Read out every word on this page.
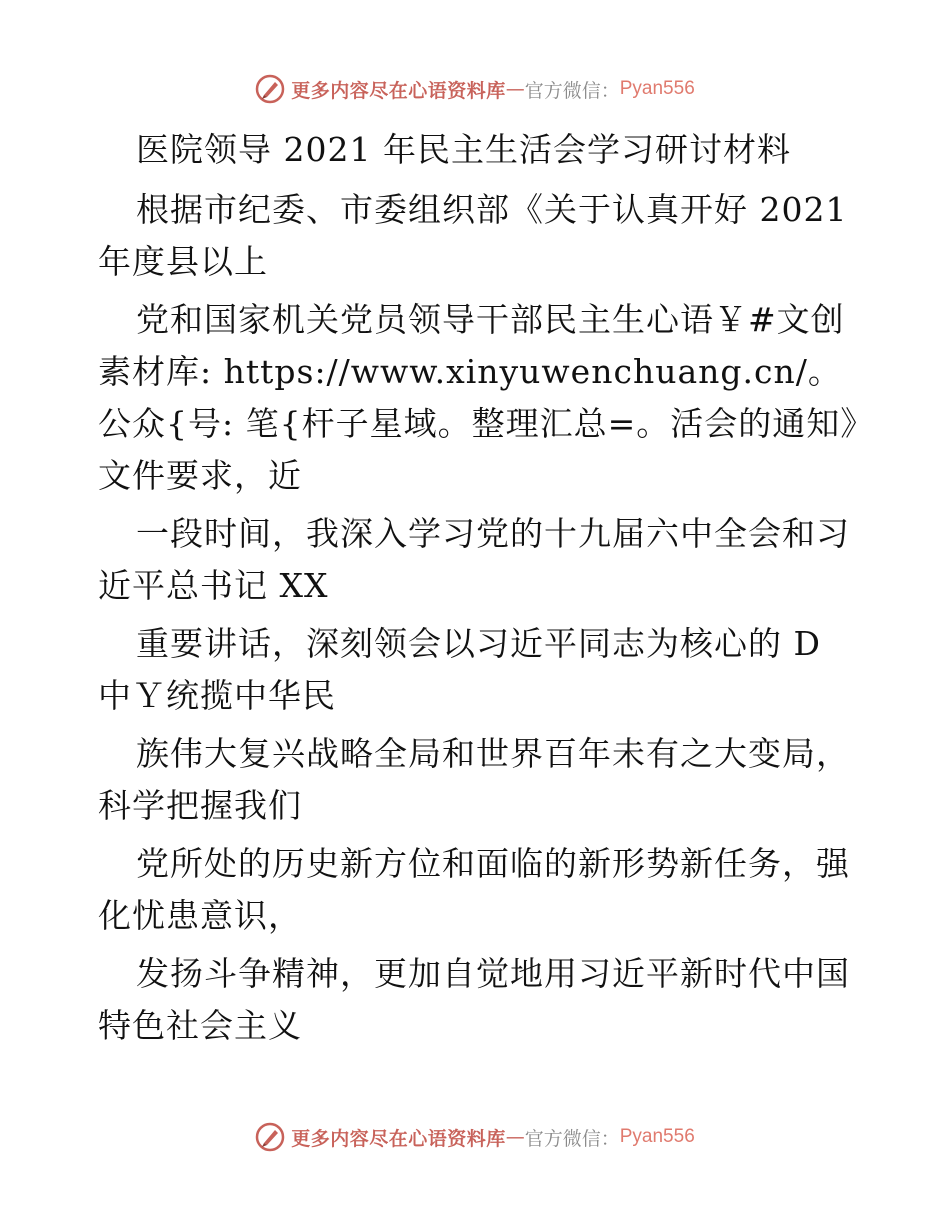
更多内容尽在心语资料库 — 官方微信： Pyan556

医院领导 2021 年民主生活会学习研讨材料

根据市纪委、市委组织部《关于认真开好 2021 年度县以上

党和国家机关党员领导干部民主生心语￥#文创素材库: https://www.xinyuwenchuang.cn/。公众{号: 笔{杆子星域。整理汇总=。活会的通知》文件要求，近

一段时间，我深入学习党的十九届六中全会和习近平总书记 XX

重要讲话，深刻领会以习近平同志为核心的 D 中Ｙ统揽中华民

族伟大复兴战略全局和世界百年未有之大变局，科学把握我们

党所处的历史新方位和面临的新形势新任务，强化忧患意识，

发扬斗争精神，更加自觉地用习近平新时代中国特色社会主义

更多内容尽在心语资料库 — 官方微信： Pyan556
